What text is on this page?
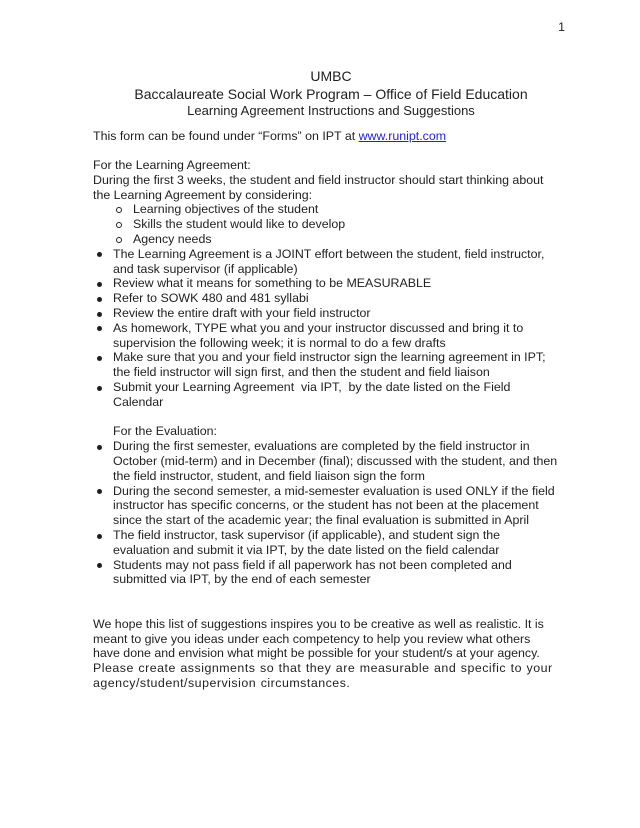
1
UMBC
Baccalaureate Social Work Program – Office of Field Education
Learning Agreement Instructions and Suggestions
This form can be found under “Forms” on IPT at www.runipt.com
For the Learning Agreement:
During the first 3 weeks, the student and field instructor should start thinking about
the Learning Agreement by considering:
Learning objectives of the student
Skills the student would like to develop
Agency needs
The Learning Agreement is a JOINT effort between the student, field instructor,
and task supervisor (if applicable)
Review what it means for something to be MEASURABLE
Refer to SOWK 480 and 481 syllabi
Review the entire draft with your field instructor
As homework, TYPE what you and your instructor discussed and bring it to
supervision the following week; it is normal to do a few drafts
Make sure that you and your field instructor sign the learning agreement in IPT;
the field instructor will sign first, and then the student and field liaison
Submit your Learning Agreement  via IPT,  by the date listed on the Field
Calendar
For the Evaluation:
During the first semester, evaluations are completed by the field instructor in
October (mid-term) and in December (final); discussed with the student, and then
the field instructor, student, and field liaison sign the form
During the second semester, a mid-semester evaluation is used ONLY if the field
instructor has specific concerns, or the student has not been at the placement
since the start of the academic year; the final evaluation is submitted in April
The field instructor, task supervisor (if applicable), and student sign the
evaluation and submit it via IPT, by the date listed on the field calendar
Students may not pass field if all paperwork has not been completed and
submitted via IPT, by the end of each semester
We hope this list of suggestions inspires you to be creative as well as realistic. It is
meant to give you ideas under each competency to help you review what others
have done and envision what might be possible for your student/s at your agency.
Please create assignments so that they are measurable and specific to your
agency/student/supervision circumstances.
